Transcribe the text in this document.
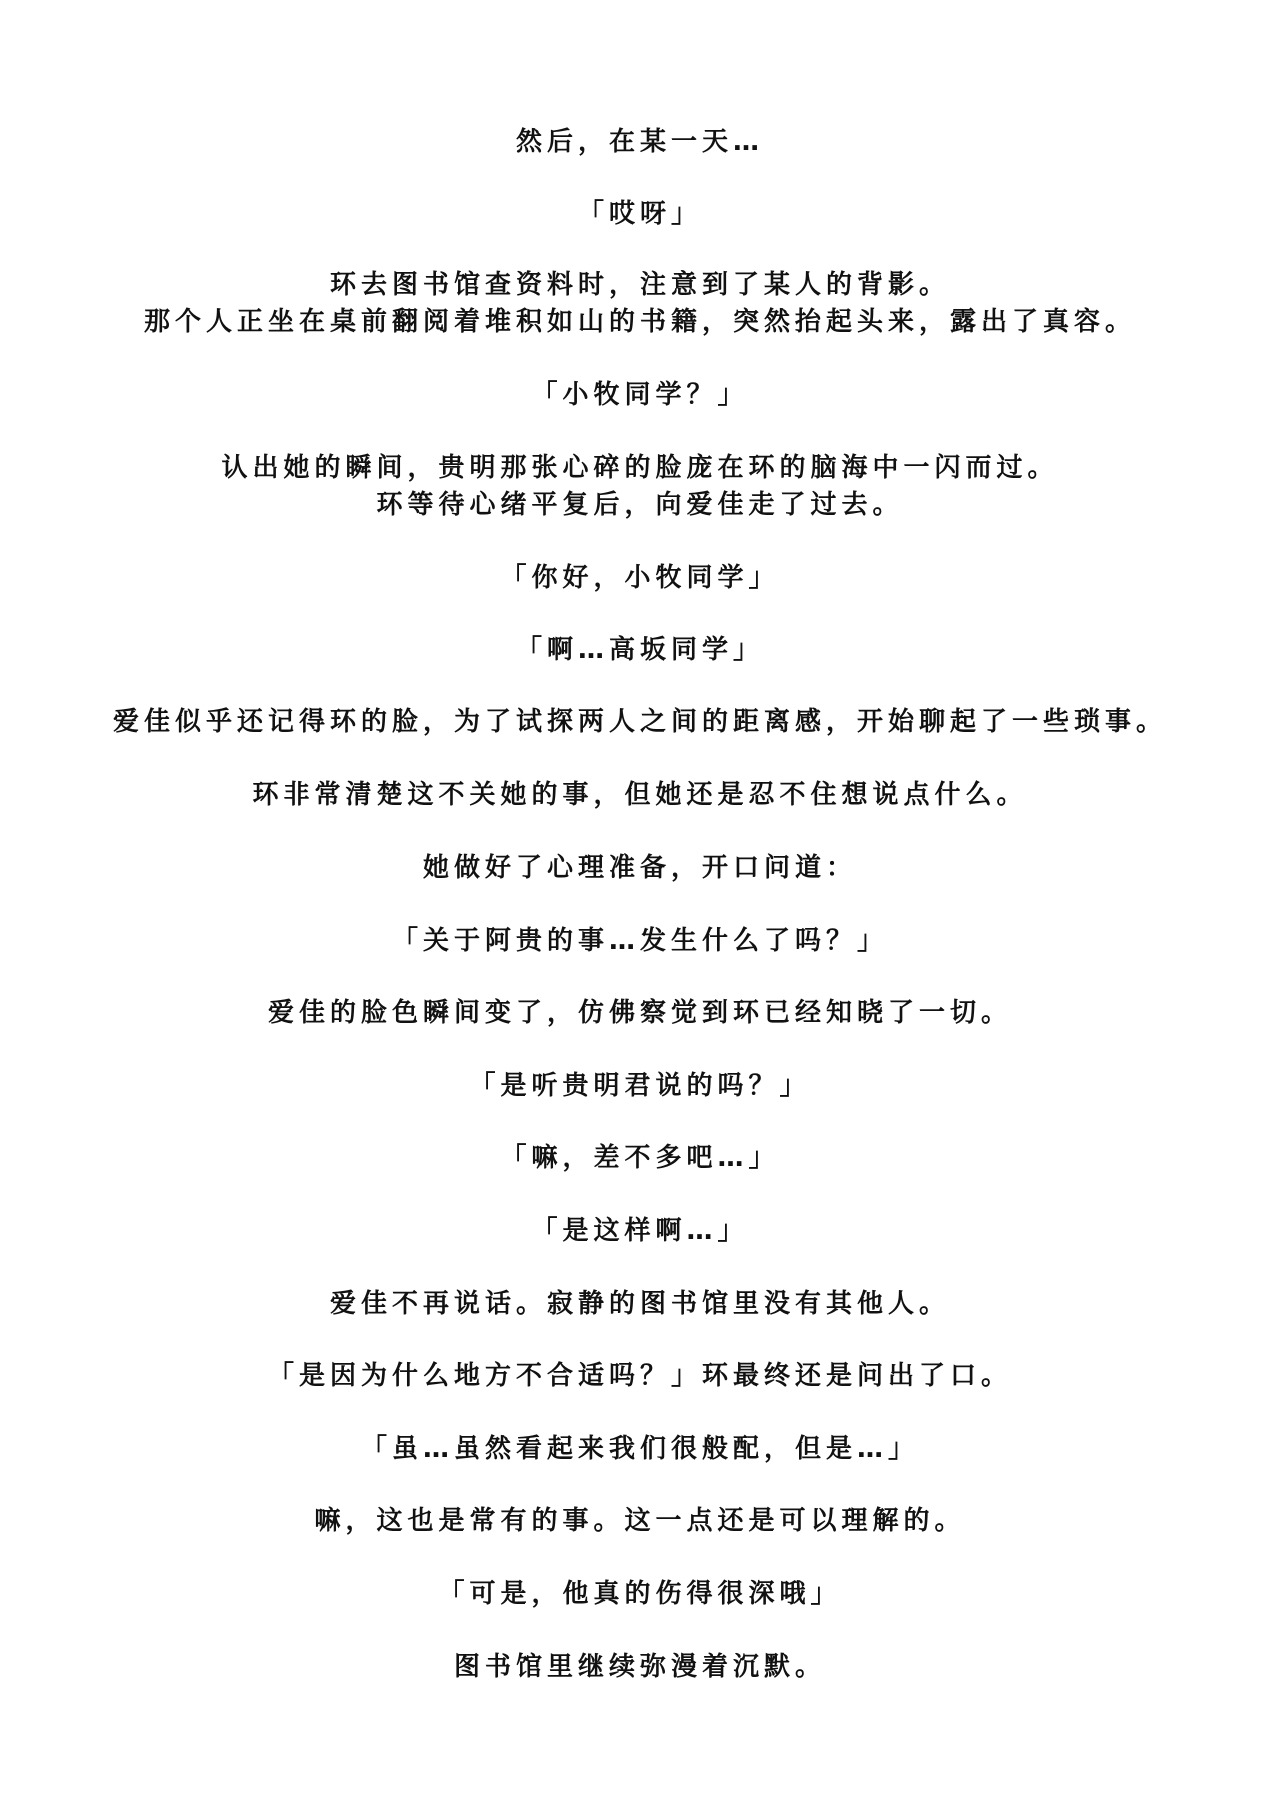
然后，在某一天…
「哎呀」
环去图书馆查资料时，注意到了某人的背影。
那个人正坐在桌前翻阅着堆积如山的书籍，突然抬起头来，露出了真容。
「小牧同学？」
认出她的瞬间，贵明那张心碎的脸庞在环的脑海中一闪而过。
环等待心绪平复后，向爱佳走了过去。
「你好，小牧同学」
「啊…高坂同学」
爱佳似乎还记得环的脸，为了试探两人之间的距离感，开始聊起了一些琐事。
环非常清楚这不关她的事，但她还是忍不住想说点什么。
她做好了心理准备，开口问道：
「关于阿贵的事…发生什么了吗？」
爱佳的脸色瞬间变了，仿佛察觉到环已经知晓了一切。
「是听贵明君说的吗？」
「嘛，差不多吧…」
「是这样啊…」
爱佳不再说话。寂静的图书馆里没有其他人。
「是因为什么地方不合适吗？」环最终还是问出了口。
「虽…虽然看起来我们很般配，但是…」
嘛，这也是常有的事。这一点还是可以理解的。
「可是，他真的伤得很深哦」
图书馆里继续弥漫着沉默。
